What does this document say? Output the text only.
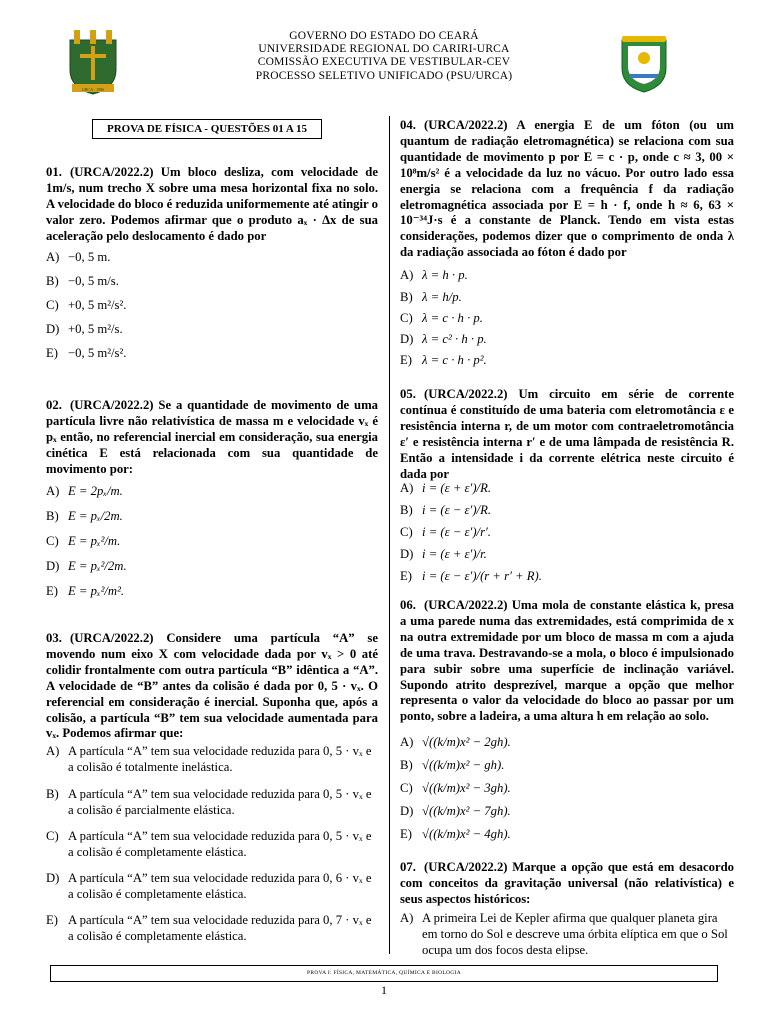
URCA · 1986
GOVERNO DO ESTADO DO CEARÁ
UNIVERSIDADE REGIONAL DO CARIRI-URCA
COMISSÃO EXECUTIVA DE VESTIBULAR-CEV
PROCESSO SELETIVO UNIFICADO (PSU/URCA)
PROVA DE FÍSICA - QUESTÕES 01 A 15

01. (URCA/2022.2) Um bloco desliza, com velocidade de 1m/s, num trecho X sobre uma mesa horizontal fixa no solo. A velocidade do bloco é reduzida uniformemente até atingir o valor zero. Podemos afirmar que o produto aₓ · Δx de sua aceleração pelo deslocamento é dado por

A) −0, 5 m.

B) −0, 5 m/s.

C) +0, 5 m²/s².

D) +0, 5 m²/s.

E) −0, 5 m²/s².

02. (URCA/2022.2) Se a quantidade de movimento de uma partícula livre não relativística de massa m e velocidade vₓ é pₓ então, no referencial inercial em consideração, sua energia cinética E está relacionada com sua quantidade de movimento por:

A) E = 2pₓ/m.

B) E = pₓ/2m.

C) E = pₓ²/m.

D) E = pₓ²/2m.

E) E = pₓ²/m².

03. (URCA/2022.2) Considere uma partícula “A” se movendo num eixo X com velocidade dada por vₓ > 0 até colidir frontalmente com outra partícula “B” idêntica a “A”. A velocidade de “B” antes da colisão é dada por 0, 5 · vₓ. O referencial em consideração é inercial. Suponha que, após a colisão, a partícula “B” tem sua velocidade aumentada para vₓ. Podemos afirmar que:

A) A partícula “A” tem sua velocidade reduzida para 0, 5 · vₓ e a colisão é totalmente inelástica.

B) A partícula “A” tem sua velocidade reduzida para 0, 5 · vₓ e a colisão é parcialmente elástica.

C) A partícula “A” tem sua velocidade reduzida para 0, 5 · vₓ e a colisão é completamente elástica.

D) A partícula “A” tem sua velocidade reduzida para 0, 6 · vₓ e a colisão é completamente elástica.

E) A partícula “A” tem sua velocidade reduzida para 0, 7 · vₓ e a colisão é completamente elástica.

04. (URCA/2022.2) A energia E de um fóton (ou um quantum de radiação eletromagnética) se relaciona com sua quantidade de movimento p por E = c · p, onde c ≈ 3, 00 × 10⁸m/s² é a velocidade da luz no vácuo. Por outro lado essa energia se relaciona com a frequência f da radiação eletromagnética associada por E = h · f, onde h ≈ 6, 63 × 10⁻³⁴J·s é a constante de Planck. Tendo em vista estas considerações, podemos dizer que o comprimento de onda λ da radiação associada ao fóton é dado por

A) λ = h · p.

B) λ = h/p.

C) λ = c · h · p.

D) λ = c² · h · p.

E) λ = c · h · p².

05. (URCA/2022.2) Um circuito em série de corrente contínua é constituído de uma bateria com eletromotância ε e resistência interna r, de um motor com contraeletromotância ε′ e resistência interna r′ e de uma lâmpada de resistência R. Então a intensidade i da corrente elétrica neste circuito é dada por

A) i = (ε + ε′)/R.

B) i = (ε − ε′)/R.

C) i = (ε − ε′)/r′.

D) i = (ε + ε′)/r.

E) i = (ε − ε′)/(r + r′ + R).

06. (URCA/2022.2) Uma mola de constante elástica k, presa a uma parede numa das extremidades, está comprimida de x na outra extremidade por um bloco de massa m com a ajuda de uma trava. Destravando-se a mola, o bloco é impulsionado para subir sobre uma superfície de inclinação variável. Supondo atrito desprezível, marque a opção que melhor representa o valor da velocidade do bloco ao passar por um ponto, sobre a ladeira, a uma altura h em relação ao solo.

A) √((k/m)x² − 2gh).

B) √((k/m)x² − gh).

C) √((k/m)x² − 3gh).

D) √((k/m)x² − 7gh).

E) √((k/m)x² − 4gh).

07. (URCA/2022.2) Marque a opção que está em desacordo com conceitos da gravitação universal (não relativística) e seus aspectos históricos:

A) A primeira Lei de Kepler afirma que qualquer planeta gira em torno do Sol e descreve uma órbita elíptica em que o Sol ocupa um dos focos desta elipse.

PROVA I: FÍSICA, MATEMÁTICA, QUÍMICA E BIOLOGIA
1
